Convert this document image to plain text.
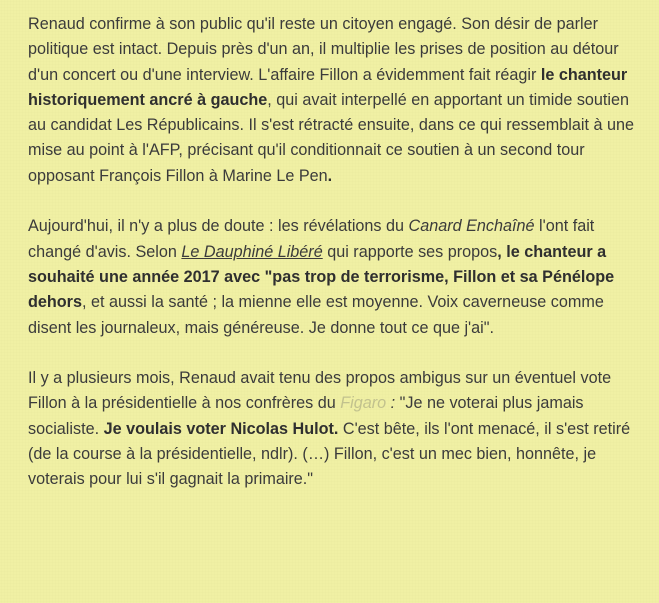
Renaud confirme à son public qu'il reste un citoyen engagé. Son désir de parler politique est intact. Depuis près d'un an, il multiplie les prises de position au détour d'un concert ou d'une interview. L'affaire Fillon a évidemment fait réagir le chanteur historiquement ancré à gauche, qui avait interpellé en apportant un timide soutien au candidat Les Républicains. Il s'est rétracté ensuite, dans ce qui ressemblait à une mise au point à l'AFP, précisant qu'il conditionnait ce soutien à un second tour opposant François Fillon à Marine Le Pen.

Aujourd'hui, il n'y a plus de doute : les révélations du Canard Enchaîné l'ont fait changé d'avis. Selon Le Dauphiné Libéré qui rapporte ses propos, le chanteur a souhaité une année 2017 avec "pas trop de terrorisme, Fillon et sa Pénélope dehors, et aussi la santé ; la mienne elle est moyenne. Voix caverneuse comme disent les journaleux, mais généreuse. Je donne tout ce que j'ai".

Il y a plusieurs mois, Renaud avait tenu des propos ambigus sur un éventuel vote Fillon à la présidentielle à nos confrères du Figaro : "Je ne voterai plus jamais socialiste. Je voulais voter Nicolas Hulot. C'est bête, ils l'ont menacé, il s'est retiré (de la course à la présidentielle, ndlr). (…) Fillon, c'est un mec bien, honnête, je voterais pour lui s'il gagnait la primaire."
